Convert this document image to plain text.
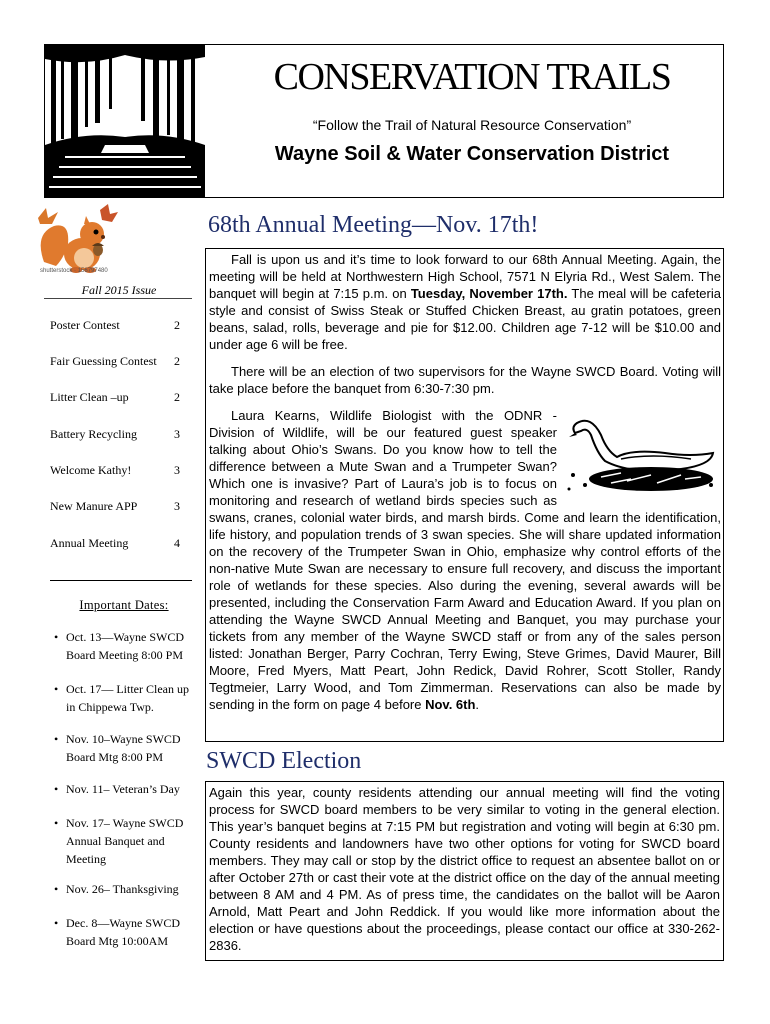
CONSERVATION TRAILS
“Follow the Trail of Natural Resource Conservation”
Wayne Soil & Water Conservation District
shutterstock · 156797480
Fall 2015 Issue
Poster Contest	2
Fair Guessing Contest 2
Litter Clean –up	2
Battery Recycling	3
Welcome Kathy!	3
New Manure APP	3
Annual Meeting	4
Important Dates:
• Oct. 13—Wayne SWCD Board Meeting 8:00 PM
• Oct. 17— Litter Clean up in Chippewa Twp.
• Nov. 10–Wayne SWCD Board Mtg 8:00 PM
• Nov. 11– Veteran’s Day
• Nov. 17– Wayne SWCD Annual Banquet and Meeting
• Nov. 26– Thanksgiving
• Dec. 8—Wayne SWCD Board Mtg 10:00AM
68th Annual Meeting—Nov. 17th!

Fall is upon us and it’s time to look forward to our 68th Annual Meeting. Again, the meeting will be held at Northwestern High School, 7571 N Elyria Rd., West Salem. The banquet will begin at 7:15 p.m. on Tuesday, November 17th. The meal will be cafeteria style and consist of Swiss Steak or Stuffed Chicken Breast, au gratin potatoes, green beans, salad, rolls, beverage and pie for $12.00. Children age 7-12 will be $10.00 and under age 6 will be free.

There will be an election of two supervisors for the Wayne SWCD Board. Voting will take place before the banquet from 6:30-7:30 pm.

Laura Kearns, Wildlife Biologist with the ODNR - Division of Wildlife, will be our featured guest speaker talking about Ohio’s Swans. Do you know how to tell the difference between a Mute Swan and a Trumpeter Swan? Which one is invasive? Part of Laura’s job is to focus on monitoring and research of wetland birds species such as swans, cranes, colonial water birds, and marsh birds. Come and learn the identification, life history, and population trends of 3 swan species. She will share updated information on the recovery of the Trumpeter Swan in Ohio, emphasize why control efforts of the non-native Mute Swan are necessary to ensure full recovery, and discuss the important role of wetlands for these species. Also during the evening, several awards will be presented, including the Conservation Farm Award and Education Award. If you plan on attending the Wayne SWCD Annual Meeting and Banquet, you may purchase your tickets from any member of the Wayne SWCD staff or from any of the sales person listed: Jonathan Berger, Parry Cochran, Terry Ewing, Steve Grimes, David Maurer, Bill Moore, Fred Myers, Matt Peart, John Redick, David Rohrer, Scott Stoller, Randy Tegtmeier, Larry Wood, and Tom Zimmerman. Reservations can also be made by sending in the form on page 4 before Nov. 6th.

SWCD Election

Again this year, county residents attending our annual meeting will find the voting process for SWCD board members to be very similar to voting in the general election. This year’s banquet begins at 7:15 PM but registration and voting will begin at 6:30 pm. County residents and landowners have two other options for voting for SWCD board members. They may call or stop by the district office to request an absentee ballot on or after October 27th or cast their vote at the district office on the day of the annual meeting between 8 AM and 4 PM. As of press time, the candidates on the ballot will be Aaron Arnold, Matt Peart and John Reddick. If you would like more information about the election or have questions about the proceedings, please contact our office at 330-262-2836.
